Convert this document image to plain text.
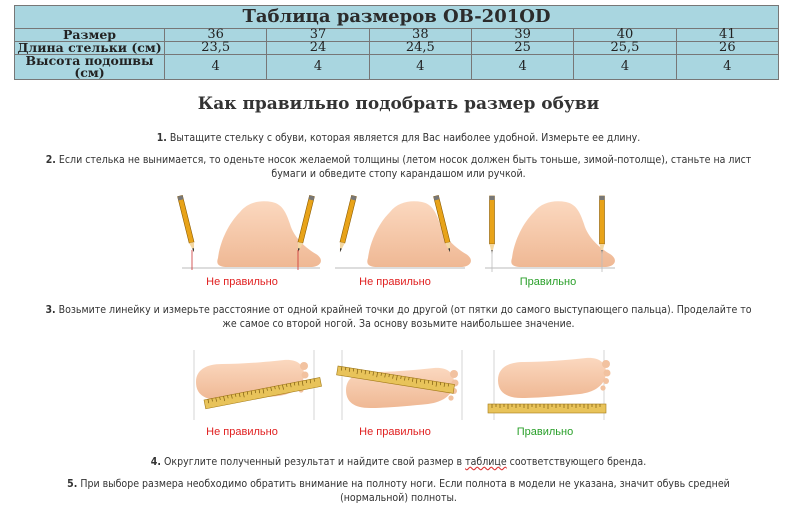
Таблица размеров OB-201OD						
Размер	36	37	38	39	40	41
Длина стельки (см)	23,5	24	24,5	25	25,5	26
Высота подошвы (см)	4	4	4	4	4	4
Как правильно подобрать размер обуви
1. Вытащите стельку с обуви, которая является для Вас наиболее удобной. Измерьте ее длину.
2. Если стелька не вынимается, то оденьте носок желаемой толщины (летом носок должен быть тоньше, зимой-потолще), станьте на лист
бумаги и обведите стопу карандашом или ручкой.
Не правильно	Не правильно	Правильно
3. Возьмите линейку и измерьте расстояние от одной крайней точки до другой (от пятки до самого выступающего пальца). Проделайте то
же самое со второй ногой. За основу возьмите наибольшее значение.
Не правильно	Не правильно	Правильно
4. Округлите полученный результат и найдите свой размер в таблице соответствующего бренда.
5. При выборе размера необходимо обратить внимание на полноту ноги. Если полнота в модели не указана, значит обувь средней
(нормальной) полноты.
